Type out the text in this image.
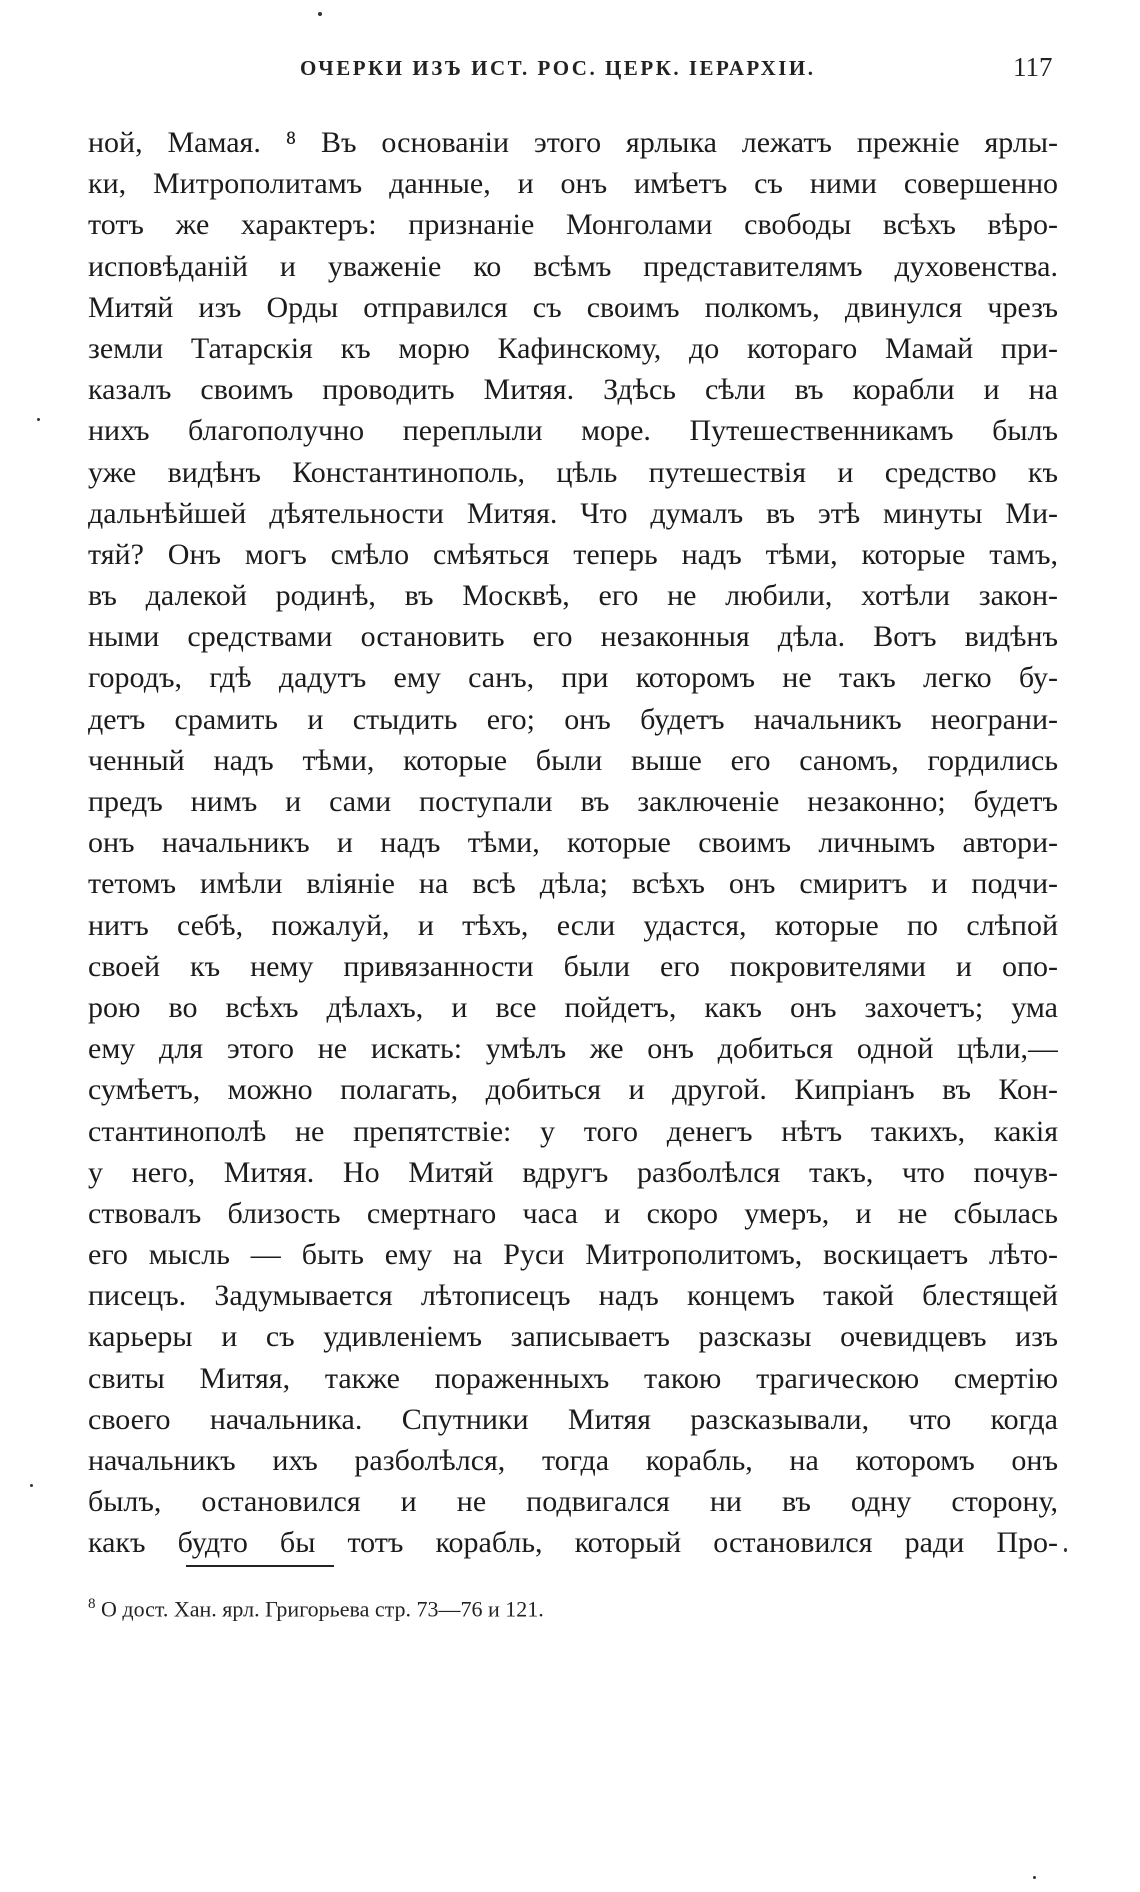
ОЧЕРКИ ИЗЪ ИСТ. РОС. ЦЕРК. ІЕРАРХІИ.	117
ной, Мамая. ⁸ Въ основаніи этого ярлыка лежатъ прежніе ярлы-
ки, Митрополитамъ данные, и онъ имѣетъ съ ними совершенно
тотъ же характеръ: признаніе Монголами свободы всѣхъ вѣро-
исповѣданій и уваженіе ко всѣмъ представителямъ духовенства.
Митяй изъ Орды отправился съ своимъ полкомъ, двинулся чрезъ
земли Татарскія къ морю Кафинскому, до котораго Мамай при-
казалъ своимъ проводить Митяя. Здѣсь сѣли въ корабли и на
нихъ благополучно переплыли море. Путешественникамъ былъ
уже видѣнъ Константинополь, цѣль путешествія и средство къ
дальнѣйшей дѣятельности Митяя. Что думалъ въ этѣ минуты Ми-
тяй? Онъ могъ смѣло смѣяться теперь надъ тѣми, которые тамъ,
въ далекой родинѣ, въ Москвѣ, его не любили, хотѣли закон-
ными средствами остановить его незаконныя дѣла. Вотъ видѣнъ
городъ, гдѣ дадутъ ему санъ, при которомъ не такъ легко бу-
детъ срамить и стыдить его; онъ будетъ начальникъ неограни-
ченный надъ тѣми, которые были выше его саномъ, гордились
предъ нимъ и сами поступали въ заключеніе незаконно; будетъ
онъ начальникъ и надъ тѣми, которые своимъ личнымъ автори-
тетомъ имѣли вліяніе на всѣ дѣла; всѣхъ онъ смиритъ и подчи-
нитъ себѣ, пожалуй, и тѣхъ, если удастся, которые по слѣпой
своей къ нему привязанности были его покровителями и опо-
рою во всѣхъ дѣлахъ, и все пойдетъ, какъ онъ захочетъ; ума
ему для этого не искать: умѣлъ же онъ добиться одной цѣли,—
сумѣетъ, можно полагать, добиться и другой. Кипріанъ въ Кон-
стантинополѣ не препятствіе: у того денегъ нѣтъ такихъ, какія
у него, Митяя. Но Митяй вдругъ разболѣлся такъ, что почув-
ствовалъ близость смертнаго часа и скоро умеръ, и не сбылась
его мысль — быть ему на Руси Митрополитомъ, воскицаетъ лѣто-
писецъ. Задумывается лѣтописецъ надъ концемъ такой блестящей
карьеры и съ удивленіемъ записываетъ разсказы очевидцевъ изъ
свиты Митяя, также пораженныхъ такою трагическою смертію
своего начальника. Спутники Митяя разсказывали, что когда
начальникъ ихъ разболѣлся, тогда корабль, на которомъ онъ
былъ, остановился и не подвигался ни въ одну сторону,
какъ будто бы тотъ корабль, который остановился ради Про-
$^8$ О дост. Хан. ярл. Григорьева стр. 73—76 и 121.
